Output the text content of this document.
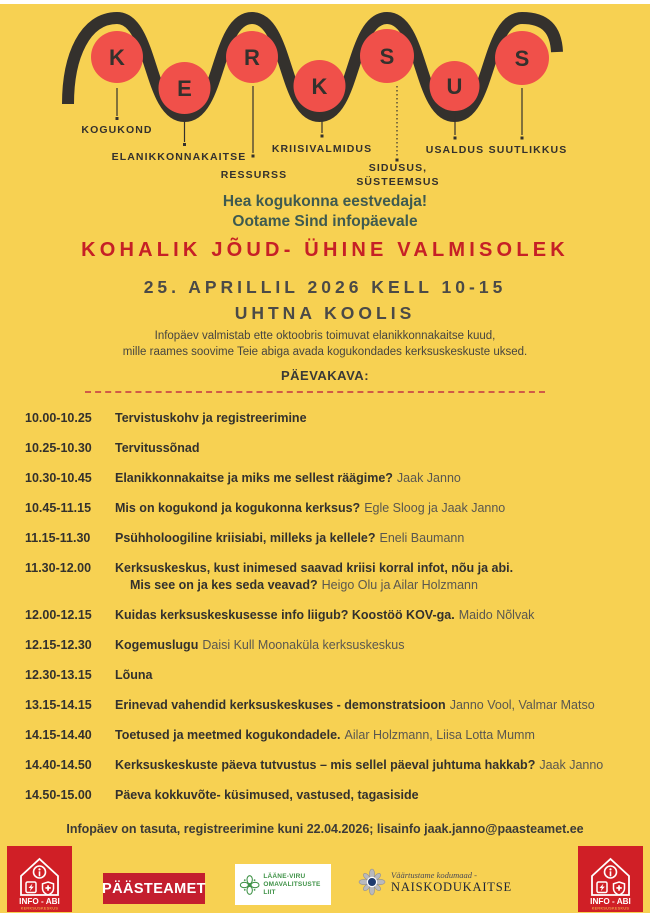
K
E
R
K
S
U
S
KOGUKOND
ELANIKKONNAKAITSE
RESSURSS
KRIISIVALMIDUS
SIDUSUS,
SÜSTEEMSUS
USALDUS SUUTLIKKUS
Hea kogukonna eestvedaja!
Ootame Sind infopäevale
KOHALIK JÕUD- ÜHINE VALMISOLEK
25. APRILLIL 2026 KELL 10-15
UHTNA KOOLIS
Infopäev valmistab ette oktoobris toimuvat elanikkonnakaitse kuud,
mille raames soovime Teie abiga avada kogukondades kerksuskeskuste uksed.
PÄEVAKAVA:
10.00-10.25	Tervistuskohv ja registreerimine
10.25-10.30	Tervitussõnad
10.30-10.45	Elanikkonnakaitse ja miks me sellest räägime? Jaak Janno
10.45-11.15	Mis on kogukond ja kogukonna kerksus? Egle Sloog ja Jaak Janno
11.15-11.30	Psühholoogiline kriisiabi, milleks ja kellele? Eneli Baumann
11.30-12.00	Kerksuskeskus, kust inimesed saavad kriisi korral infot, nõu ja abi.
Mis see on ja kes seda veavad? Heigo Olu ja Ailar Holzmann
12.00-12.15	Kuidas kerksuskeskusesse info liigub? Koostöö KOV-ga. Maido Nõlvak
12.15-12.30	Kogemuslugu Daisi Kull Moonaküla kerksuskeskus
12.30-13.15	Lõuna
13.15-14.15	Erinevad vahendid kerksuskeskuses - demonstratsioon Janno Vool, Valmar Matso
14.15-14.40	Toetused ja meetmed kogukondadele. Ailar Holzmann, Liisa Lotta Mumm
14.40-14.50	Kerksuskeskuste päeva tutvustus – mis sellel päeval juhtuma hakkab? Jaak Janno
14.50-15.00	Päeva kokkuvõte- küsimused, vastused, tagasiside
Infopäev on tasuta, registreerimine kuni 22.04.2026; lisainfo jaak.janno@paasteamet.ee
INFO - ABI
KERKSUSKESKUS
PÄÄSTEAMET
LÄÄNE-VIRU
OMAVALITSUSTE LIIT
Väärtustame kodumaad -
NAISKODUKAITSE
INFO - ABI
KERKSUSKESKUS
